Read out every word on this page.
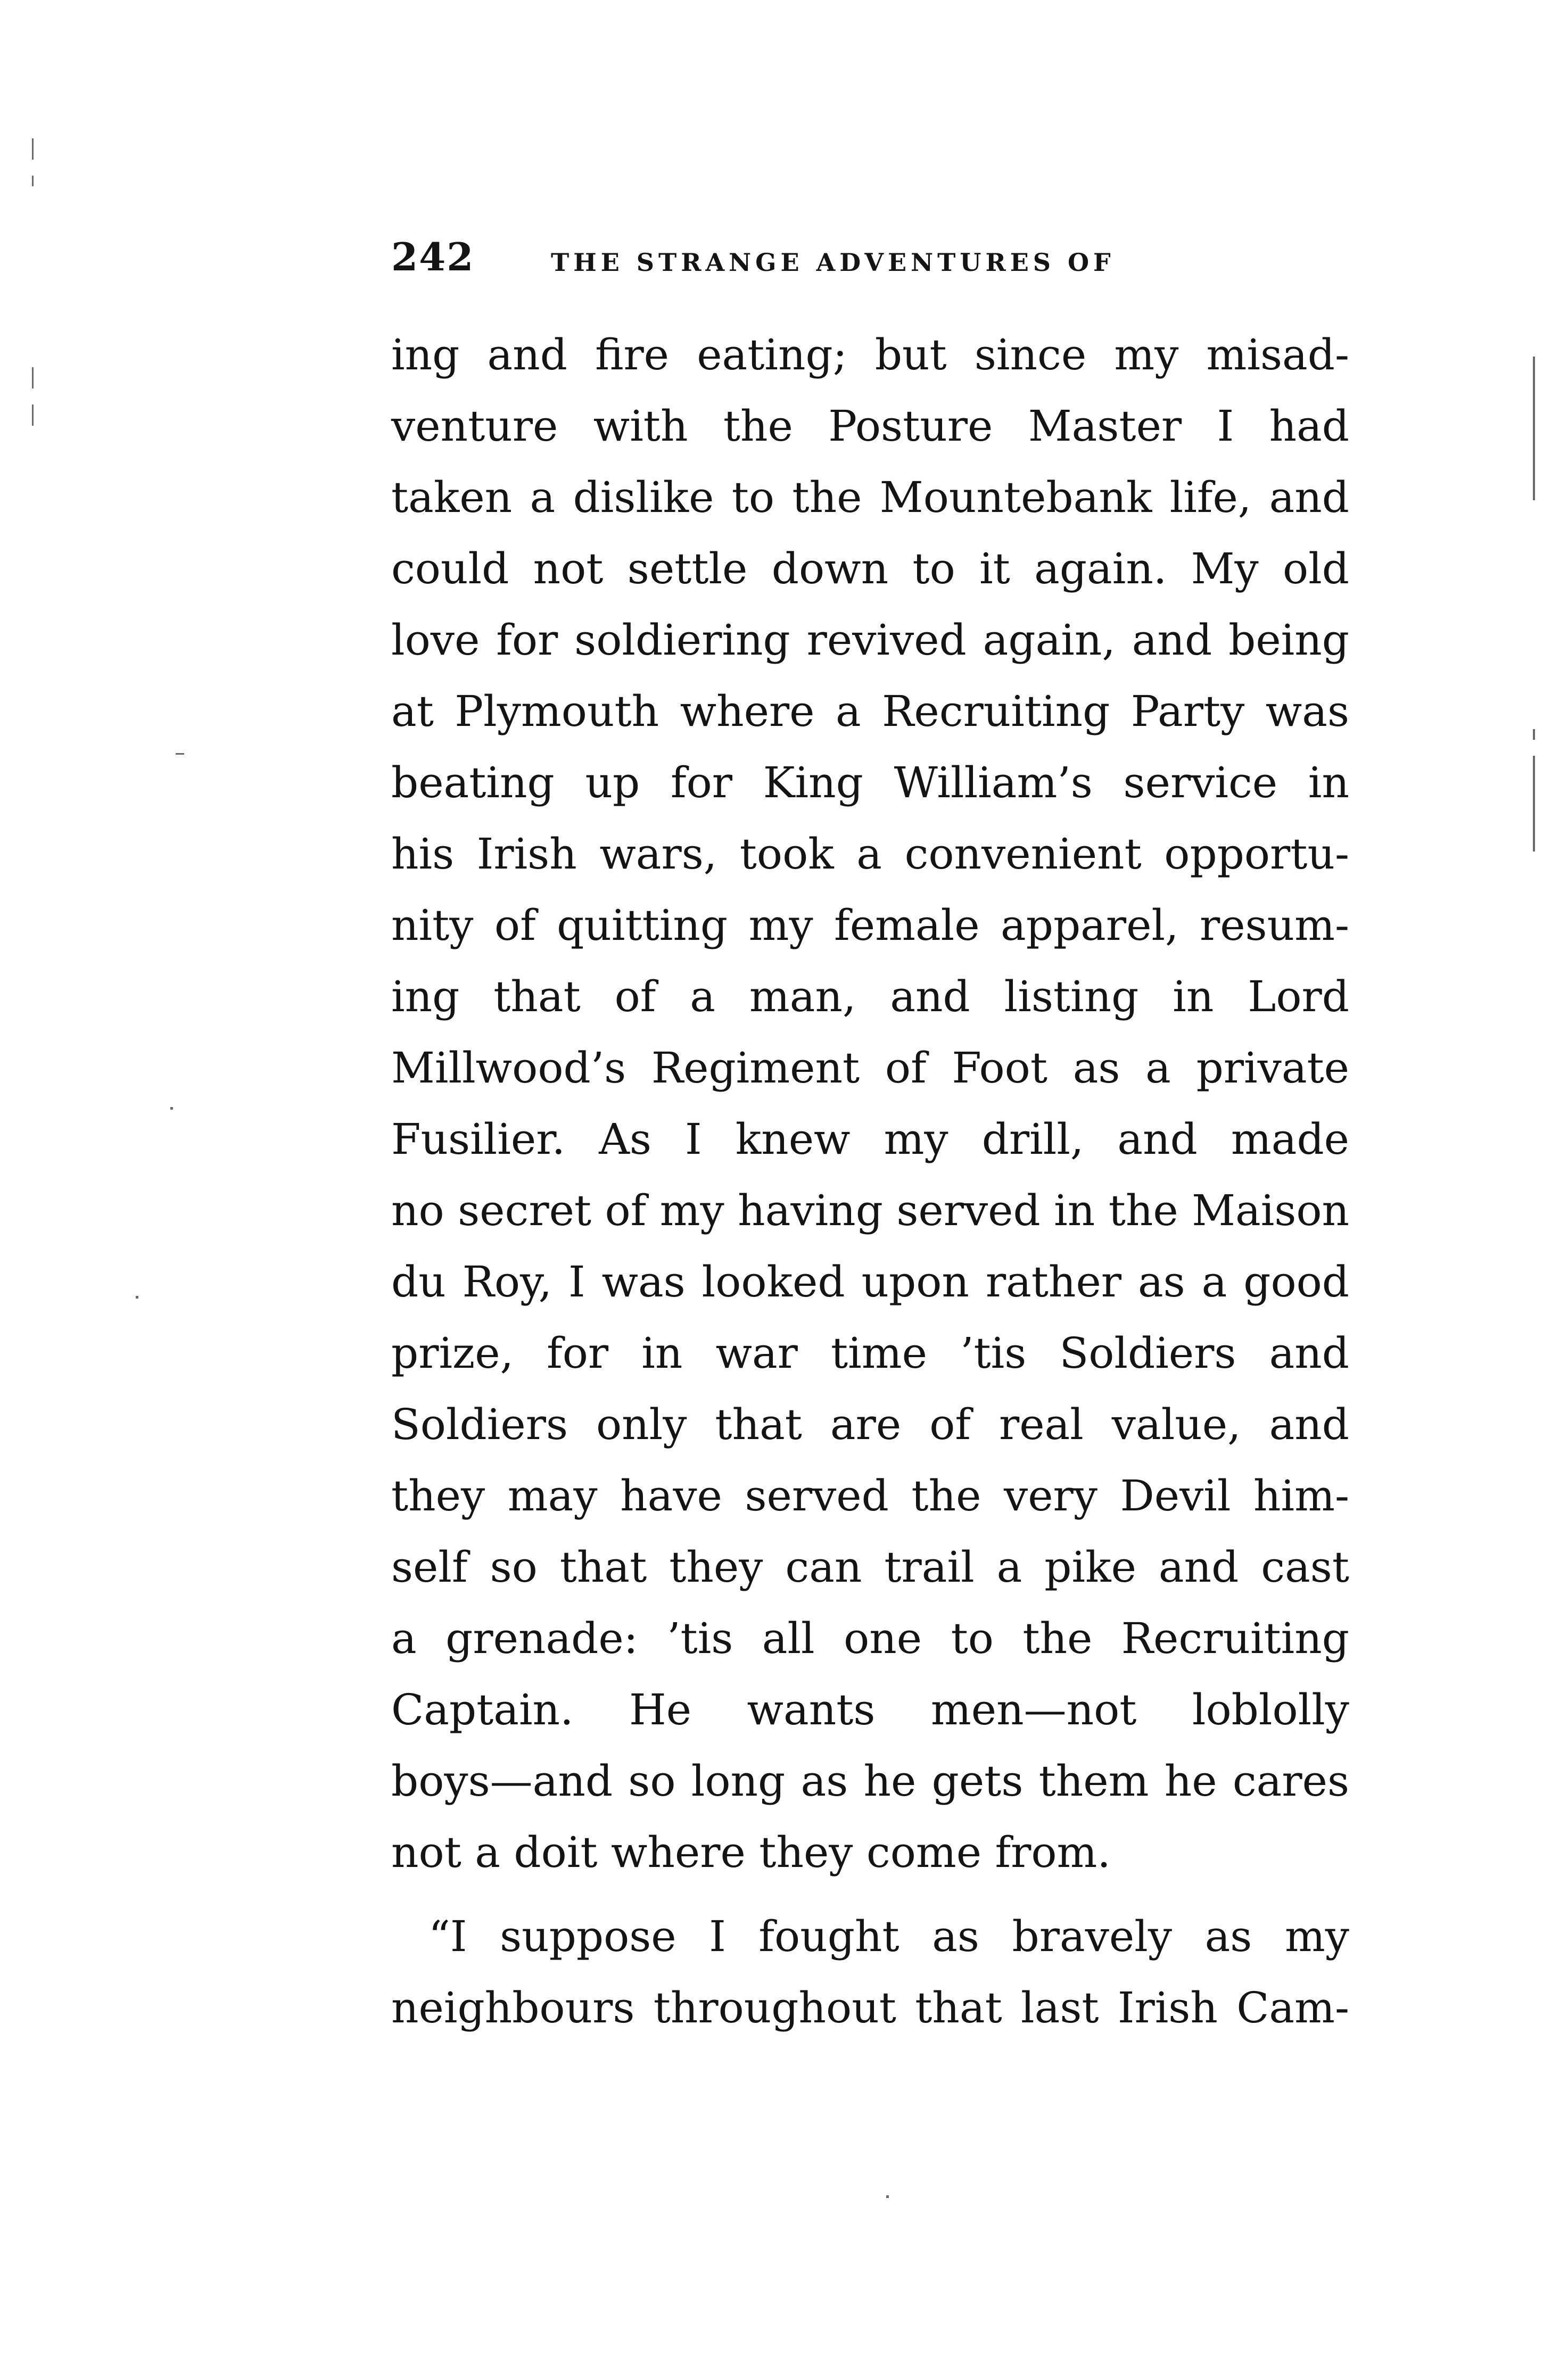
242	THE STRANGE ADVENTURES OF
ing and fire eating; but since my misad-
venture with the Posture Master I had
taken a dislike to the Mountebank life, and
could not settle down to it again. My old
love for soldiering revived again, and being
at Plymouth where a Recruiting Party was
beating up for King William’s service in
his Irish wars, took a convenient opportu-
nity of quitting my female apparel, resum-
ing that of a man, and listing in Lord
Millwood’s Regiment of Foot as a private
Fusilier. As I knew my drill, and made
no secret of my having served in the Maison
du Roy, I was looked upon rather as a good
prize, for in war time ’tis Soldiers and
Soldiers only that are of real value, and
they may have served the very Devil him-
self so that they can trail a pike and cast
a grenade: ’tis all one to the Recruiting
Captain. He wants men—not loblolly
boys—and so long as he gets them he cares
not a doit where they come from.
“I suppose I fought as bravely as my
neighbours throughout that last Irish Cam-
